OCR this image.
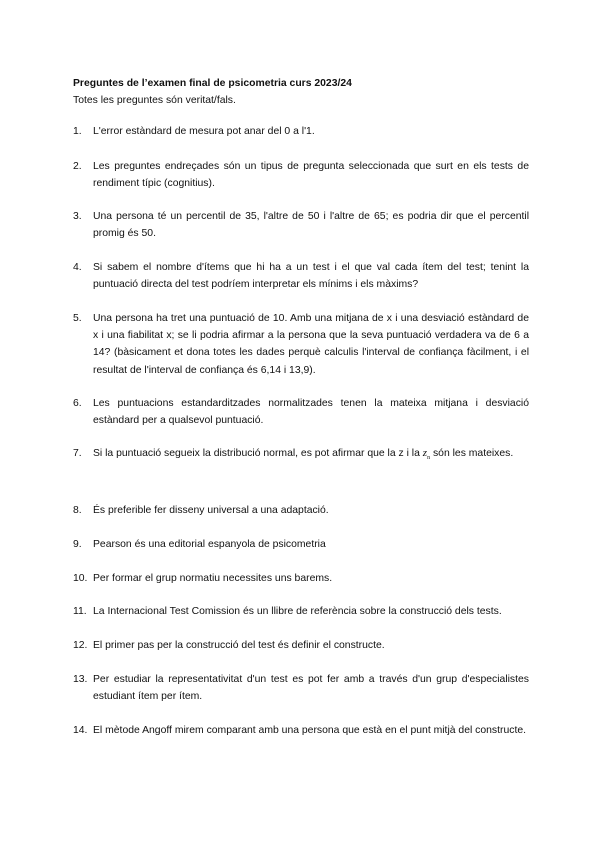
Preguntes de l’examen final de psicometria curs 2023/24
Totes les preguntes són veritat/fals.
1.	L'error estàndard de mesura pot anar del 0 a l'1.
2.	Les preguntes endreçades són un tipus de pregunta seleccionada que surt en els tests de rendiment típic (cognitius).
3.	Una persona té un percentil de 35, l'altre de 50 i l'altre de 65; es podria dir que el percentil promig és 50.
4.	Si sabem el nombre d'ítems que hi ha a un test i el que val cada ítem del test; tenint la puntuació directa del test podríem interpretar els mínims i els màxims?
5.	Una persona ha tret una puntuació de 10. Amb una mitjana de x i una desviació estàndard de x i una fiabilitat x; se li podria afirmar a la persona que la seva puntuació verdadera va de 6 a 14? (bàsicament et dona totes les dades perquè calculis l'interval de confiança fàcilment, i el resultat de l'interval de confiança és 6,14 i 13,9).
6.	Les puntuacions estandarditzades normalitzades tenen la mateixa mitjana i desviació estàndard per a qualsevol puntuació.
7.	Si la puntuació segueix la distribució normal, es pot afirmar que la z i la $z_n$ són les mateixes.
8.	És preferible fer disseny universal a una adaptació.
9.	Pearson és una editorial espanyola de psicometria
10. Per formar el grup normatiu necessites uns barems.
11. La Internacional Test Comission és un llibre de referència sobre la construcció dels tests.
12. El primer pas per la construcció del test és definir el constructe.
13. Per estudiar la representativitat d'un test es pot fer amb a través d'un grup d'especialistes estudiant ítem per ítem.
14. El mètode Angoff mirem comparant amb una persona que està en el punt mitjà del constructe.
